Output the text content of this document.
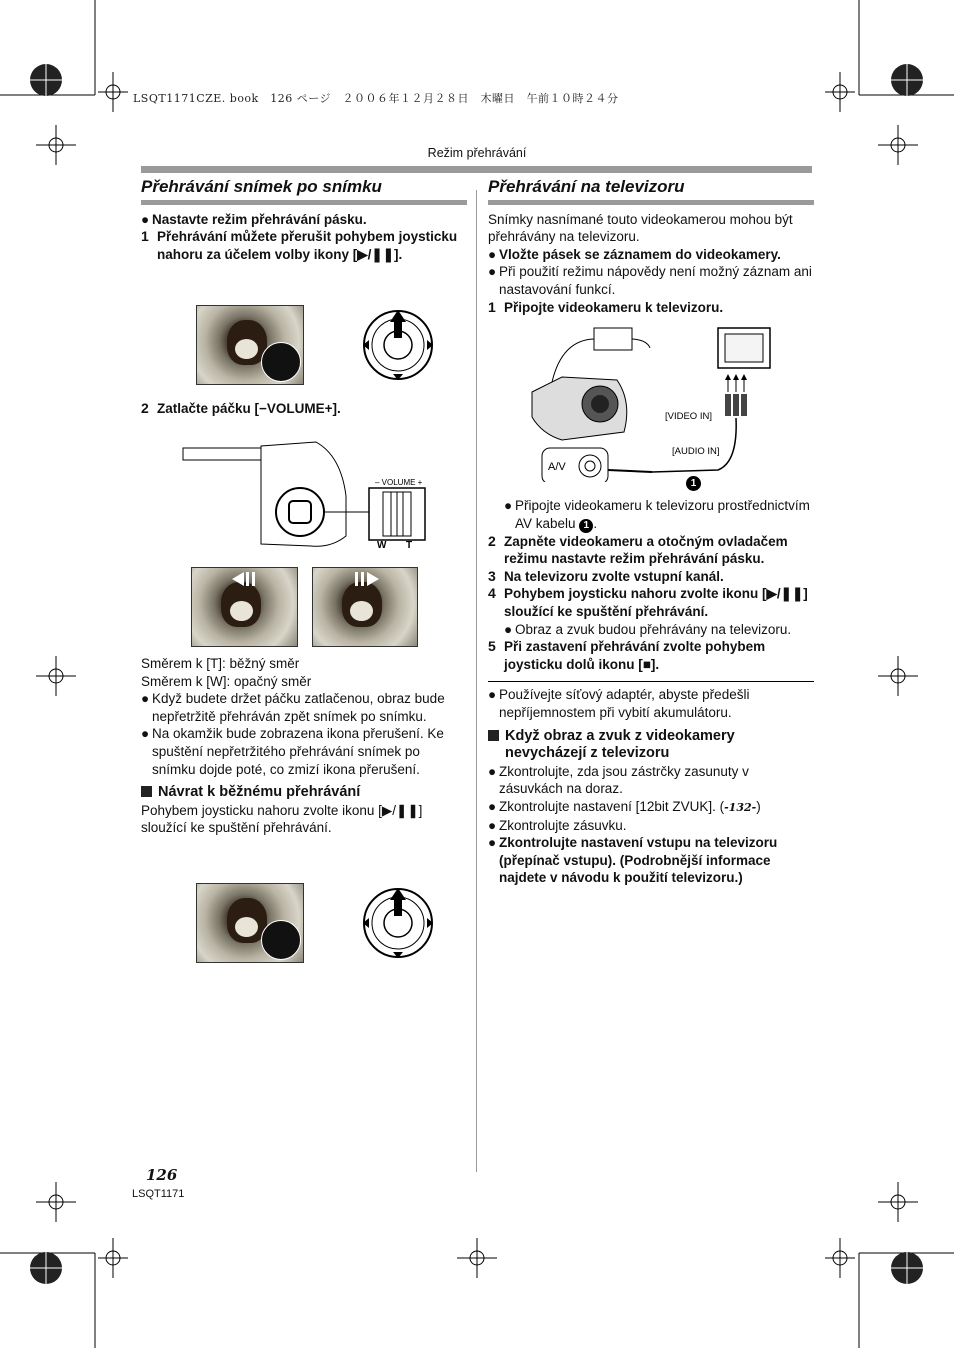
LSQT1171CZE. book　126 ページ　２００６年１２月２８日　木曜日　午前１０時２４分
Režim přehrávání
Přehrávání snímek po snímku
● Nastavte režim přehrávání pásku.
1 Přehrávání můžete přerušit pohybem joysticku nahoru za účelem volby ikony [▶/❚❚].
2 Zatlačte páčku [−VOLUME+].
– VOLUME +
W T

Směrem k [T]: běžný směr

Směrem k [W]: opačný směr

● Když budete držet páčku zatlačenou, obraz bude nepřetržitě přehráván zpět snímek po snímku.
● Na okamžik bude zobrazena ikona přerušení. Ke spuštění nepřetržitého přehrávání snímek po snímku dojde poté, co zmizí ikona přerušení.
Návrat k běžnému přehrávání

Pohybem joysticku nahoru zvolte ikonu [▶/❚❚] sloužící ke spuštění přehrávání.

Přehrávání na televizoru

Snímky nasnímané touto videokamerou mohou být přehrávány na televizoru.

● Vložte pásek se záznamem do videokamery.
● Při použití režimu nápovědy není možný záznam ani nastavování funkcí.
1 Připojte videokameru k televizoru.
A/V
[VIDEO IN]
[AUDIO IN]
1
● Připojte videokameru k televizoru prostřednictvím AV kabelu 1 .
2 Zapněte videokameru a otočným ovladačem režimu nastavte režim přehrávání pásku.
3 Na televizoru zvolte vstupní kanál.
4 Pohybem joysticku nahoru zvolte ikonu [▶/❚❚] sloužící ke spuštění přehrávání.
● Obraz a zvuk budou přehrávány na televizoru.
5 Při zastavení přehrávání zvolte pohybem joysticku dolů ikonu [■].
● Používejte síťový adaptér, abyste předešli nepříjemnostem při vybití akumulátoru.
Když obraz a zvuk z videokamery nevycházejí z televizoru
● Zkontrolujte, zda jsou zástrčky zasunuty v zásuvkách na doraz.
● Zkontrolujte nastavení [12bit ZVUK]. (-132-)
● Zkontrolujte zásuvku.
● Zkontrolujte nastavení vstupu na televizoru (přepínač vstupu). (Podrobnější informace najdete v návodu k použití televizoru.)
126
LSQT1171
